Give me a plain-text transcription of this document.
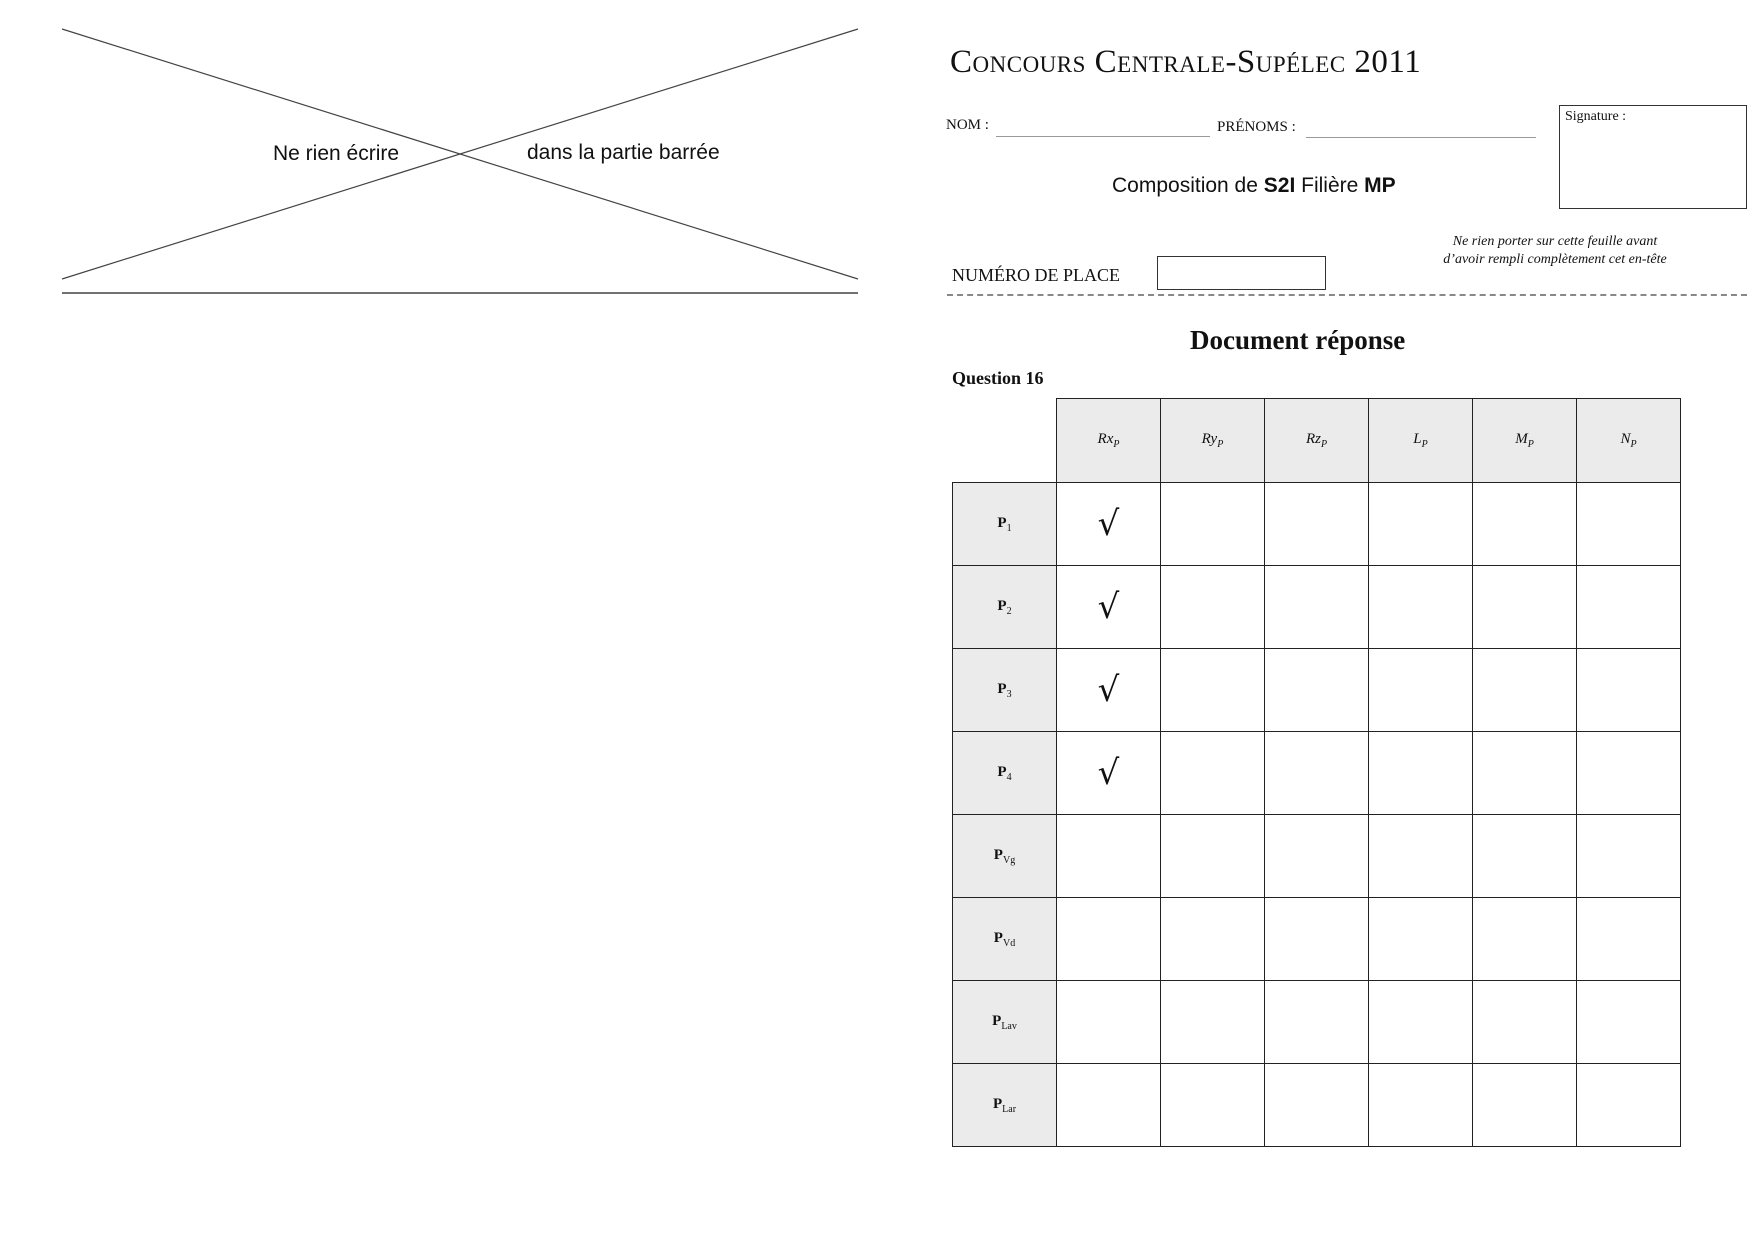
Ne rien écrire	dans la partie barrée
Concours Centrale-Supélec 2011
NOM :	PRÉNOMS :
Signature :
Composition de S2I Filière MP
Ne rien porter sur cette feuille avant
d’avoir rempli complètement cet en-tête
NUMÉRO DE PLACE
Document réponse
Question 16
	$Rx_P$	$Ry_P$	$Rz_P$	$L_P$	$M_P$	$N_P$
$P_1$	√					
$P_2$	√					
$P_3$	√					
$P_4$	√					
$P_{Vg}$						
$P_{Vd}$						
$P_{Lav}$						
$P_{Lar}$						
